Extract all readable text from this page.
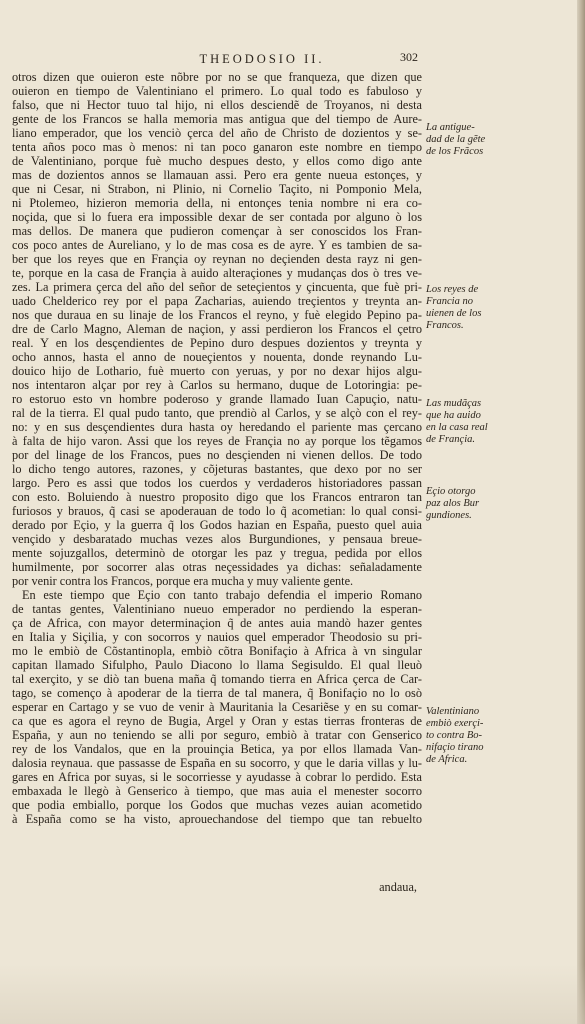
THEODOSIO II.	302
otros dizen que ouieron este nõbre por no se que franqueza, que dizen que
ouieron en tiempo de Valentiniano el primero. Lo qual todo es fabuloso y
falso, que ni Hector tuuo tal hijo, ni ellos desciendẽ de Troyanos, ni desta
gente de los Francos se halla memoria mas antigua que del tiempo de Aure-
liano emperador, que los venciò çerca del año de Christo de dozientos y se-
tenta años poco mas ò menos: ni tan poco ganaron este nombre en tiempo
de Valentiniano, porque fuè mucho despues desto, y ellos como digo ante
mas de dozientos annos se llamauan assi. Pero era gente nueua estonçes, y
que ni Cesar, ni Strabon, ni Plinio, ni Cornelio Taçito, ni Pomponio Mela,
ni Ptolemeo, hizieron memoria della, ni entonçes tenia nombre ni era co-
noçida, que si lo fuera era impossible dexar de ser contada por alguno ò los
mas dellos. De manera que pudieron començar à ser conoscidos los Fran-
cos poco antes de Aureliano, y lo de mas cosa es de ayre. Y es tambien de sa-
ber que los reyes que en Françia oy reynan no deçienden desta rayz ni gen-
te, porque en la casa de Françia à auido alteraçiones y mudanças dos ò tres ve-
zes. La primera çerca del año del señor de seteçientos y çincuenta, que fuè pri-
uado Chelderico rey por el papa Zacharias, auiendo treçientos y treynta an-
nos que duraua en su linaje de los Francos el reyno, y fuè elegido Pepino pa-
dre de Carlo Magno, Aleman de naçion, y assi perdieron los Francos el çetro
real. Y en los desçendientes de Pepino duro despues dozientos y treynta y
ocho annos, hasta el anno de noueçientos y nouenta, donde reynando Lu-
douico hijo de Lothario, fuè muerto con yeruas, y por no dexar hijos algu-
nos intentaron alçar por rey à Carlos su hermano, duque de Lotoringia: pe-
ro estoruo esto vn hombre poderoso y grande llamado Iuan Capuçio, natu-
ral de la tierra. El qual pudo tanto, que prendiò al Carlos, y se alçò con el rey-
no: y en sus desçendientes dura hasta oy heredando el pariente mas çercano
à falta de hijo varon. Assi que los reyes de Françia no ay porque los tẽgamos
por del linage de los Francos, pues no desçienden ni vienen dellos. De todo
lo dicho tengo autores, razones, y cõjeturas bastantes, que dexo por no ser
largo. Pero es assi que todos los cuerdos y verdaderos historiadores passan
con esto. Boluiendo à nuestro proposito digo que los Francos entraron tan
furiosos y brauos, q̃ casi se apoderauan de todo lo q̃ acometian: lo qual consi-
derado por Eçio, y la guerra q̃ los Godos hazian en España, puesto quel auia
vençido y desbaratado muchas vezes alos Burgundiones, y pensaua breue-
mente sojuzgallos, determinò de otorgar les paz y tregua, pedida por ellos
humilmente, por socorrer alas otras neçessidades ya dichas: señaladamente
por venir contra los Francos, porque era mucha y muy valiente gente.
En este tiempo que Eçio con tanto trabajo defendia el imperio Romano
de tantas gentes, Valentiniano nueuo emperador no perdiendo la esperan-
ça de Africa, con mayor determinaçion q̃ de antes auia mandò hazer gentes
en Italia y Siçilia, y con socorros y nauios quel emperador Theodosio su pri-
mo le embiò de Cõstantinopla, embiò cõtra Bonifaçio à Africa à vn singular
capitan llamado Sifulpho, Paulo Diacono lo llama Segisuldo. El qual lleuò
tal exerçito, y se diò tan buena maña q̃ tomando tierra en Africa çerca de Car-
tago, se començo à apoderar de la tierra de tal manera, q̃ Bonifaçio no lo osò
esperar en Cartago y se vuo de venir à Mauritania la Cesariẽse y en su comar-
ca que es agora el reyno de Bugia, Argel y Oran y estas tierras fronteras de
España, y aun no teniendo se alli por seguro, embiò à tratar con Genserico
rey de los Vandalos, que en la prouinçia Betica, ya por ellos llamada Van-
dalosia reynaua. que passasse de España en su socorro, y que le daria villas y lu-
gares en Africa por suyas, si le socorriesse y ayudasse à cobrar lo perdido. Esta
embaxada le llegò à Genserico à tiempo, que mas auia el menester socorro
que podia embiallo, porque los Godos que muchas vezes auian acometido
à España como se ha visto, aprouechandose del tiempo que tan rebuelto
andaua,
La antigue-
dad de la gẽte
de los Frãcos
Los reyes de
Francia no
uienen de los
Francos.
Las mudãças
que ha auido
en la casa real
de Françia.
Eçio otorgo
paz alos Bur
gundiones.
Valentiniano
embiò exerçi-
to contra Bo-
nifaçio tirano
de Africa.
